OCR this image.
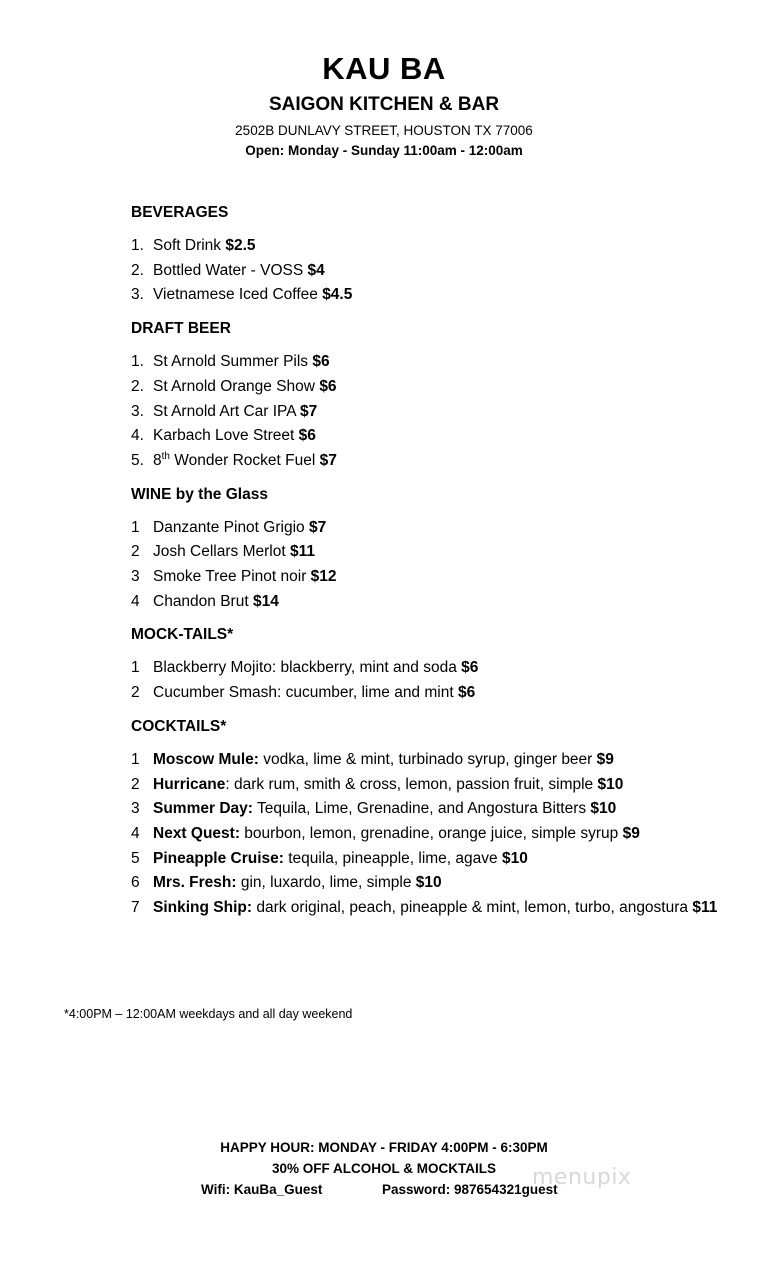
KAU BA
SAIGON KITCHEN & BAR
2502B DUNLAVY STREET, HOUSTON TX 77006
Open: Monday - Sunday 11:00am - 12:00am
BEVERAGES
1. Soft Drink $2.5
2. Bottled Water - VOSS $4
3. Vietnamese Iced Coffee $4.5
DRAFT BEER
1. St Arnold Summer Pils $6
2. St Arnold Orange Show $6
3. St Arnold Art Car IPA $7
4. Karbach Love Street $6
5. 8th Wonder Rocket Fuel $7
WINE by the Glass
1 Danzante Pinot Grigio $7
2 Josh Cellars Merlot $11
3 Smoke Tree Pinot noir $12
4 Chandon Brut $14
MOCK-TAILS*
1 Blackberry Mojito: blackberry, mint and soda $6
2 Cucumber Smash: cucumber, lime and mint $6
COCKTAILS*
1 Moscow Mule: vodka, lime & mint, turbinado syrup, ginger beer $9
2 Hurricane: dark rum, smith & cross, lemon, passion fruit, simple $10
3 Summer Day: Tequila, Lime, Grenadine, and Angostura Bitters $10
4 Next Quest: bourbon, lemon, grenadine, orange juice, simple syrup $9
5 Pineapple Cruise: tequila, pineapple, lime, agave $10
6 Mrs. Fresh: gin, luxardo, lime, simple $10
7 Sinking Ship: dark original, peach, pineapple & mint, lemon, turbo, angostura $11
*4:00PM – 12:00AM weekdays and all day weekend
HAPPY HOUR: MONDAY - FRIDAY 4:00PM - 6:30PM
30% OFF ALCOHOL & MOCKTAILS
Wifi: KauBa_Guest	Password: 987654321guest
menupix
